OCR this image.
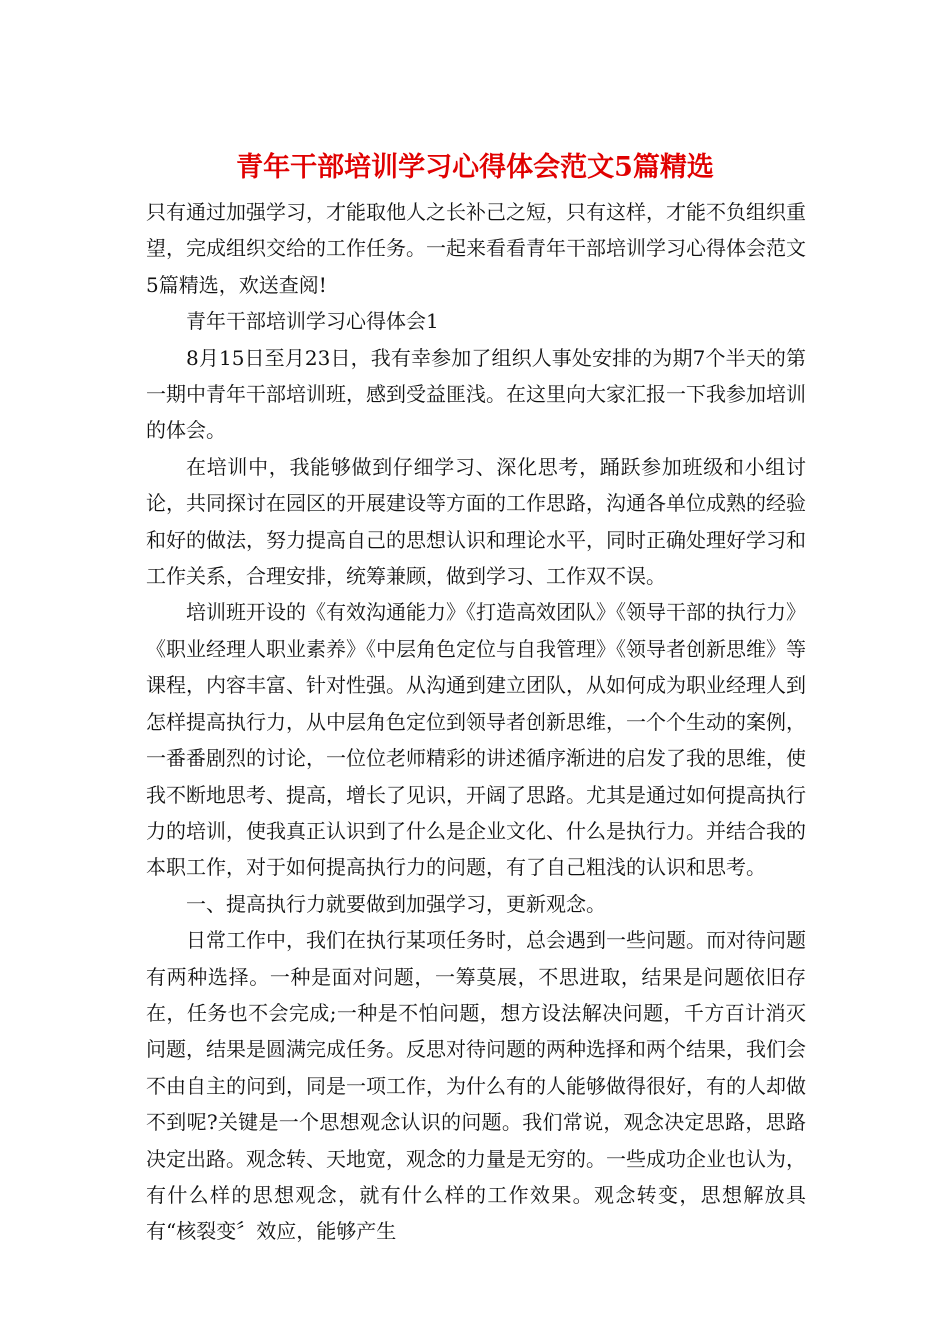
青年干部培训学习心得体会范文5篇精选

只有通过加强学习，才能取他人之长补己之短，只有这样，才能不负组织重望，完成组织交给的工作任务。一起来看看青年干部培训学习心得体会范文5篇精选，欢送查阅!

青年干部培训学习心得体会1

8月15日至月23日，我有幸参加了组织人事处安排的为期7个半天的第一期中青年干部培训班，感到受益匪浅。在这里向大家汇报一下我参加培训的体会。

在培训中，我能够做到仔细学习、深化思考，踊跃参加班级和小组讨论，共同探讨在园区的开展建设等方面的工作思路，沟通各单位成熟的经验和好的做法，努力提高自己的思想认识和理论水平，同时正确处理好学习和工作关系，合理安排，统筹兼顾，做到学习、工作双不误。

培训班开设的《有效沟通能力》《打造高效团队》《领导干部的执行力》《职业经理人职业素养》《中层角色定位与自我管理》《领导者创新思维》等课程，内容丰富、针对性强。从沟通到建立团队，从如何成为职业经理人到怎样提高执行力，从中层角色定位到领导者创新思维，一个个生动的案例，一番番剧烈的讨论，一位位老师精彩的讲述循序渐进的启发了我的思维，使我不断地思考、提高，增长了见识，开阔了思路。尤其是通过如何提高执行力的培训，使我真正认识到了什么是企业文化、什么是执行力。并结合我的本职工作，对于如何提高执行力的问题，有了自己粗浅的认识和思考。

一、提高执行力就要做到加强学习，更新观念。

日常工作中，我们在执行某项任务时，总会遇到一些问题。而对待问题有两种选择。一种是面对问题，一筹莫展，不思进取，结果是问题依旧存在，任务也不会完成;一种是不怕问题，想方设法解决问题，千方百计消灭问题，结果是圆满完成任务。反思对待问题的两种选择和两个结果，我们会不由自主的问到，同是一项工作，为什么有的人能够做得很好，有的人却做不到呢?关键是一个思想观念认识的问题。我们常说，观念决定思路，思路决定出路。观念转、天地宽，观念的力量是无穷的。一些成功企业也认为，有什么样的思想观念，就有什么样的工作效果。观念转变，思想解放具有“核裂变〞效应，能够产生
